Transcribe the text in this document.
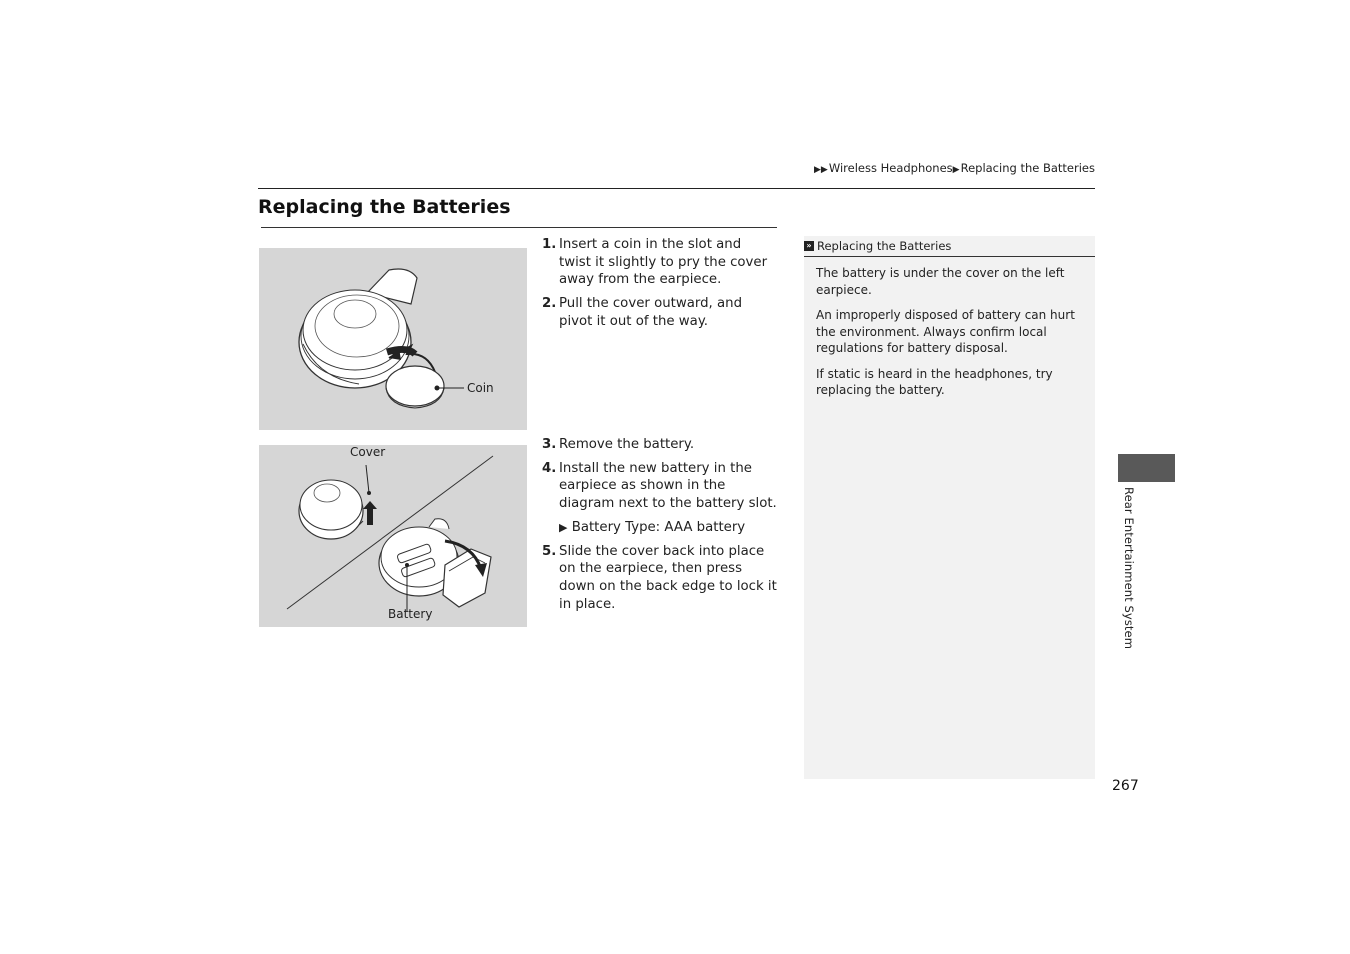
▶▶Wireless Headphones▶Replacing the Batteries
Replacing the Batteries
Coin
1. Insert a coin in the slot and twist it slightly to pry the cover away from the earpiece.
2. Pull the cover outward, and pivot it out of the way.
Cover
Battery
3. Remove the battery.
4. Install the new battery in the earpiece as shown in the diagram next to the battery slot.
▶ Battery Type: AAA battery
5. Slide the cover back into place on the earpiece, then press down on the back edge to lock it in place.
» Replacing the Batteries

The battery is under the cover on the left earpiece.

An improperly disposed of battery can hurt the environment. Always confirm local regulations for battery disposal.

If static is heard in the headphones, try replacing the battery.

Rear Entertainment System
267
